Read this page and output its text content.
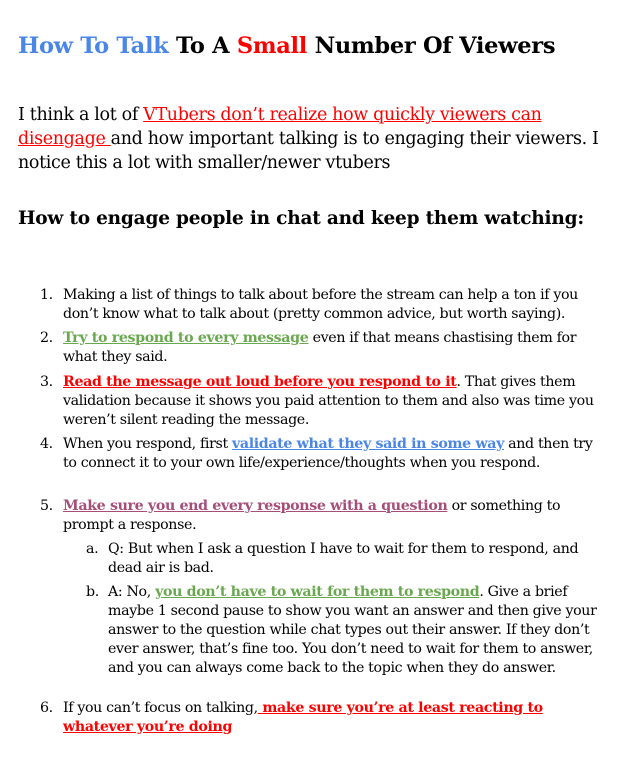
How To Talk To A Small Number Of Viewers
I think a lot of VTubers don’t realize how quickly viewers can disengage and how important talking is to engaging their viewers. I notice this a lot with smaller/newer vtubers
How to engage people in chat and keep them watching:
1. Making a list of things to talk about before the stream can help a ton if you don’t know what to talk about (pretty common advice, but worth saying).
2. Try to respond to every message even if that means chastising them for what they said.
3. Read the message out loud before you respond to it. That gives them validation because it shows you paid attention to them and also was time you weren’t silent reading the message.
4. When you respond, first validate what they said in some way and then try to connect it to your own life/experience/thoughts when you respond.
5. Make sure you end every response with a question or something to prompt a response.
a. Q: But when I ask a question I have to wait for them to respond, and dead air is bad.
b. A: No, you don’t have to wait for them to respond. Give a brief maybe 1 second pause to show you want an answer and then give your answer to the question while chat types out their answer. If they don’t ever answer, that’s fine too. You don’t need to wait for them to answer, and you can always come back to the topic when they do answer.
6. If you can’t focus on talking, make sure you’re at least reacting to whatever you’re doing
